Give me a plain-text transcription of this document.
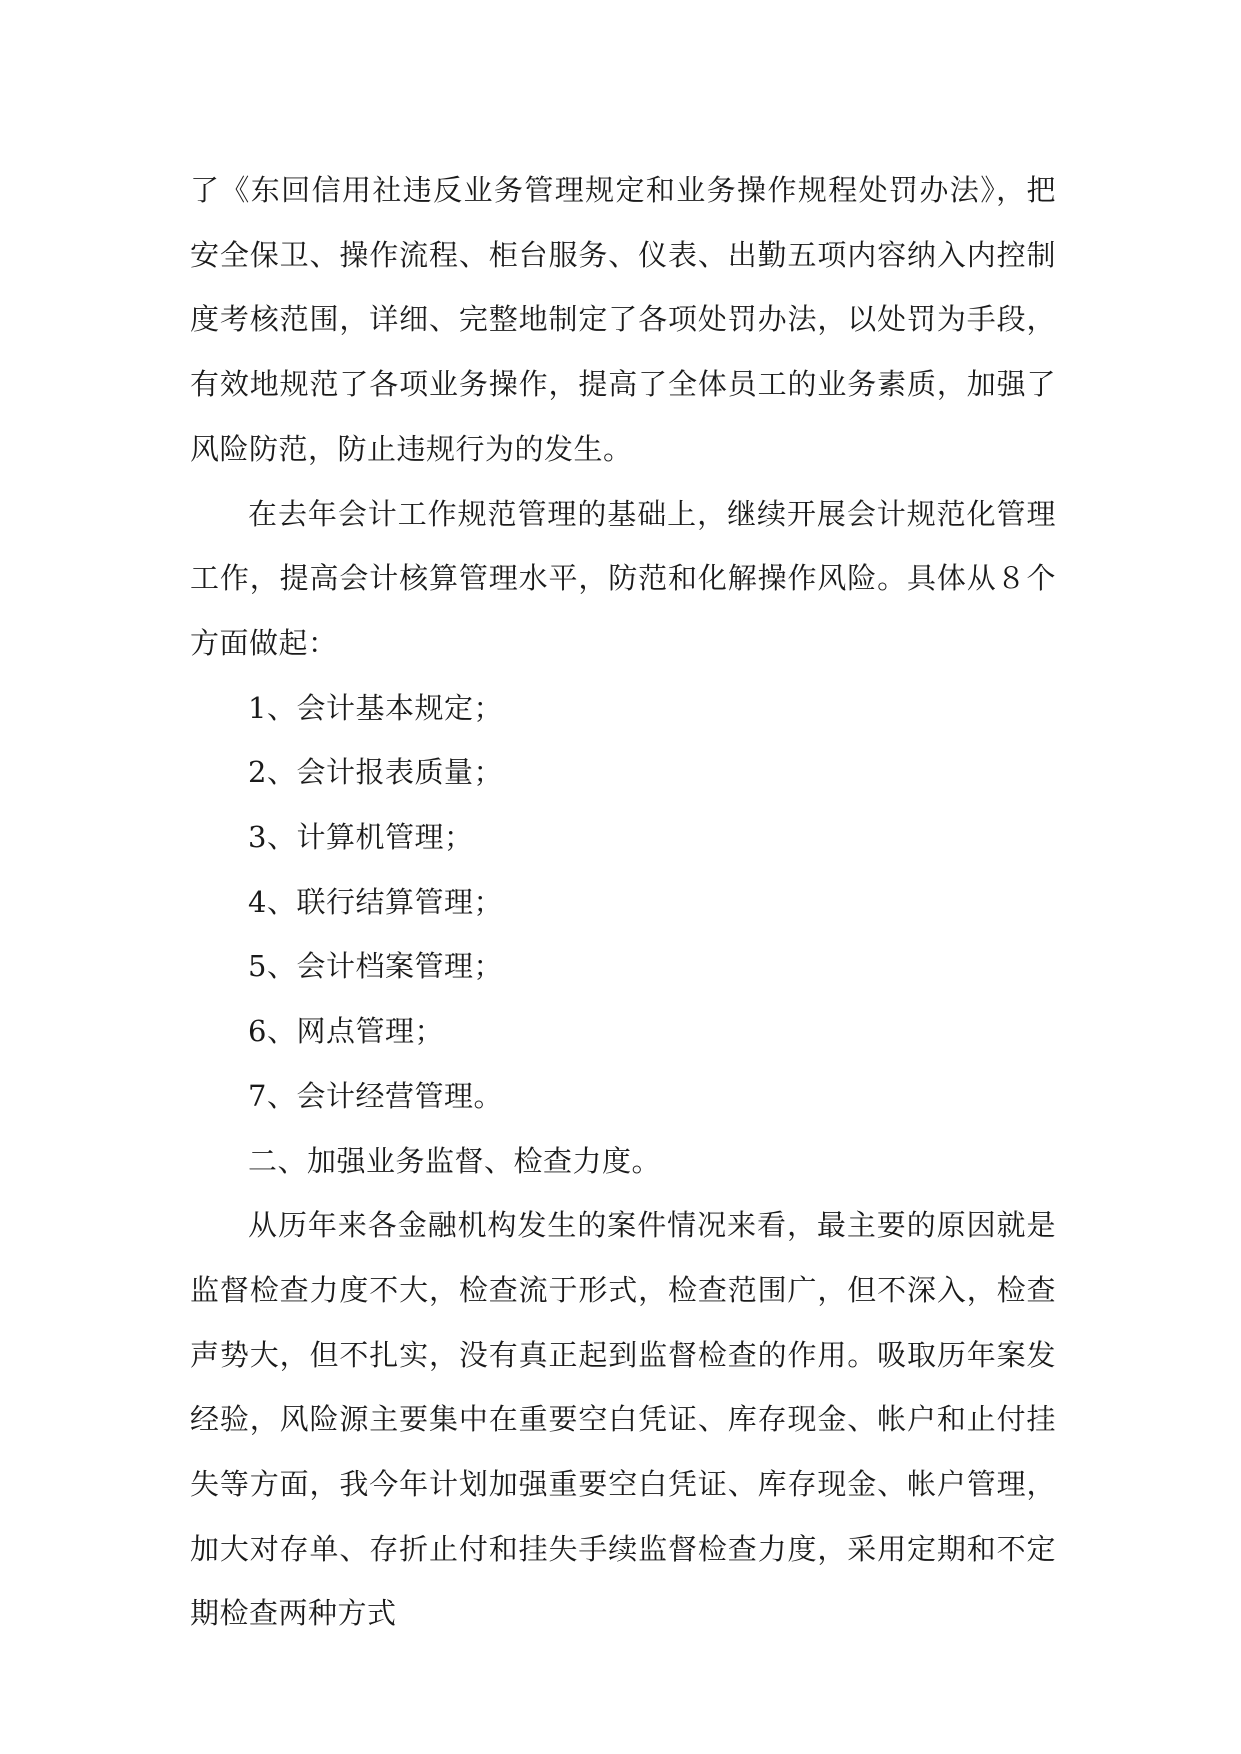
了《东回信用社违反业务管理规定和业务操作规程处罚办法》，把安全保卫、操作流程、柜台服务、仪表、出勤五项内容纳入内控制度考核范围，详细、完整地制定了各项处罚办法，以处罚为手段，有效地规范了各项业务操作，提高了全体员工的业务素质，加强了风险防范，防止违规行为的发生。

在去年会计工作规范管理的基础上，继续开展会计规范化管理工作，提高会计核算管理水平，防范和化解操作风险。具体从８个方面做起：

1、会计基本规定；

2、会计报表质量；

3、计算机管理；

4、联行结算管理；

5、会计档案管理；

6、网点管理；

7、会计经营管理。

二、加强业务监督、检查力度。

从历年来各金融机构发生的案件情况来看，最主要的原因就是监督检查力度不大，检查流于形式，检查范围广，但不深入，检查声势大，但不扎实，没有真正起到监督检查的作用。吸取历年案发经验，风险源主要集中在重要空白凭证、库存现金、帐户和止付挂失等方面，我今年计划加强重要空白凭证、库存现金、帐户管理，加大对存单、存折止付和挂失手续监督检查力度，采用定期和不定期检查两种方式
